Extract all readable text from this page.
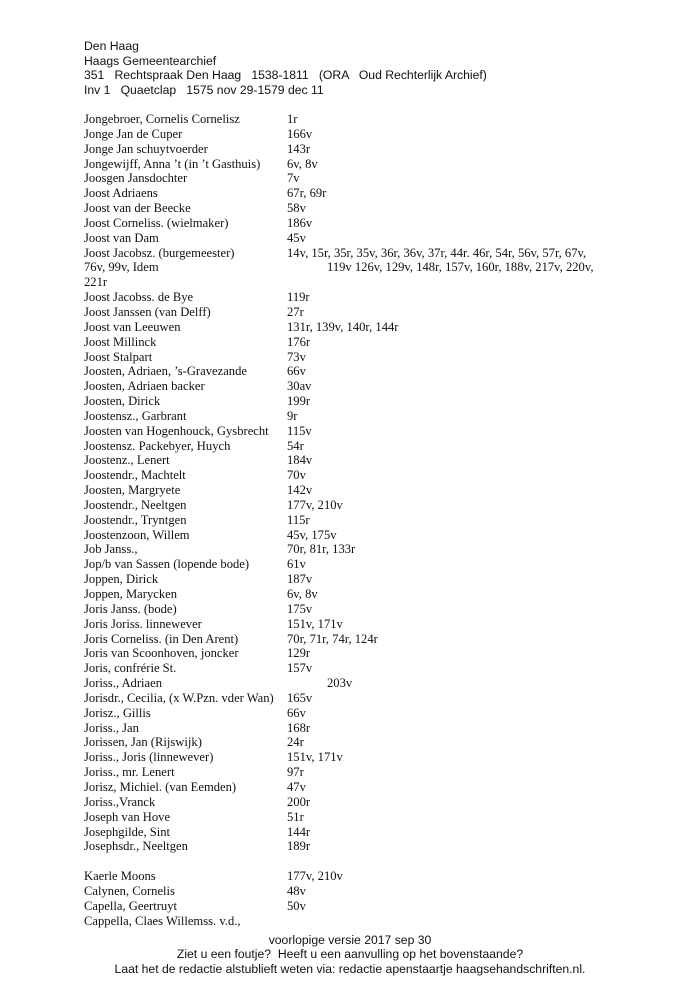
Den Haag
Haags Gemeentearchief
351   Rechtspraak Den Haag   1538-1811   (ORA   Oud Rechterlijk Archief)
Inv 1   Quaetclap   1575 nov 29-1579 dec 11
Jongebroer, Cornelis Cornelisz	1r
Jonge Jan de Cuper	166v
Jonge Jan schuytvoerder	143r
Jongewijff, Anna ’t (in ’t Gasthuis) 6v, 8v
Joosgen Jansdochter	7v
Joost Adriaens	67r, 69r
Joost van der Beecke	58v
Joost Corneliss. (wielmaker)	186v
Joost van Dam	45v
Joost Jacobsz. (burgemeester)	14v, 15r, 35r, 35v, 36r, 36v, 37r, 44r. 46r, 54r, 56v, 57r, 67v,
76v, 99v, Idem	119v 126v, 129v, 148r, 157v, 160r, 188v, 217v, 220v,
221r
Joost Jacobss. de Bye	119r
Joost Janssen (van Delff)	27r
Joost van Leeuwen	131r, 139v, 140r, 144r
Joost Millinck	176r
Joost Stalpart	73v
Joosten, Adriaen, ’s-Gravezande	66v
Joosten, Adriaen backer	30av
Joosten, Dirick	199r
Joostensz., Garbrant	9r
Joosten van Hogenhouck, Gysbrecht 115v
Joostensz. Packebyer, Huych	54r
Joostenz., Lenert	184v
Joostendr., Machtelt	70v
Joosten, Margryete	142v
Joostendr., Neeltgen	177v, 210v
Joostendr., Tryntgen	115r
Joostenzoon, Willem	45v, 175v
Job Janss.,	70r, 81r, 133r
Jop/b van Sassen (lopende bode)	61v
Joppen, Dirick	187v
Joppen, Marycken	6v, 8v
Joris Janss. (bode)	175v
Joris Joriss. linnewever	151v, 171v
Joris Corneliss. (in Den Arent)	70r, 71r, 74r, 124r
Joris van Scoonhoven, joncker	129r
Joris, confrérie St.	157v
Joriss., Adriaen	203v
Jorisdr., Cecilia, (x W.Pzn. vder Wan) 165v
Jorisz., Gillis	66v
Joriss., Jan	168r
Jorissen, Jan (Rijswijk)	24r
Joriss., Joris (linnewever)	151v, 171v
Joriss., mr. Lenert	97r
Jorisz, Michiel. (van Eemden)	47v
Joriss.,Vranck	200r
Joseph van Hove	51r
Josephgilde, Sint	144r
Josephsdr., Neeltgen	189r
Kaerle Moons	177v, 210v
Calynen, Cornelis	48v
Capella, Geertruyt	50v
Cappella, Claes Willemss. v.d.,
voorlopige versie 2017 sep 30
Ziet u een foutje?  Heeft u een aanvulling op het bovenstaande?
Laat het de redactie alstublieft weten via: redactie apenstaartje haagsehandschriften.nl.
